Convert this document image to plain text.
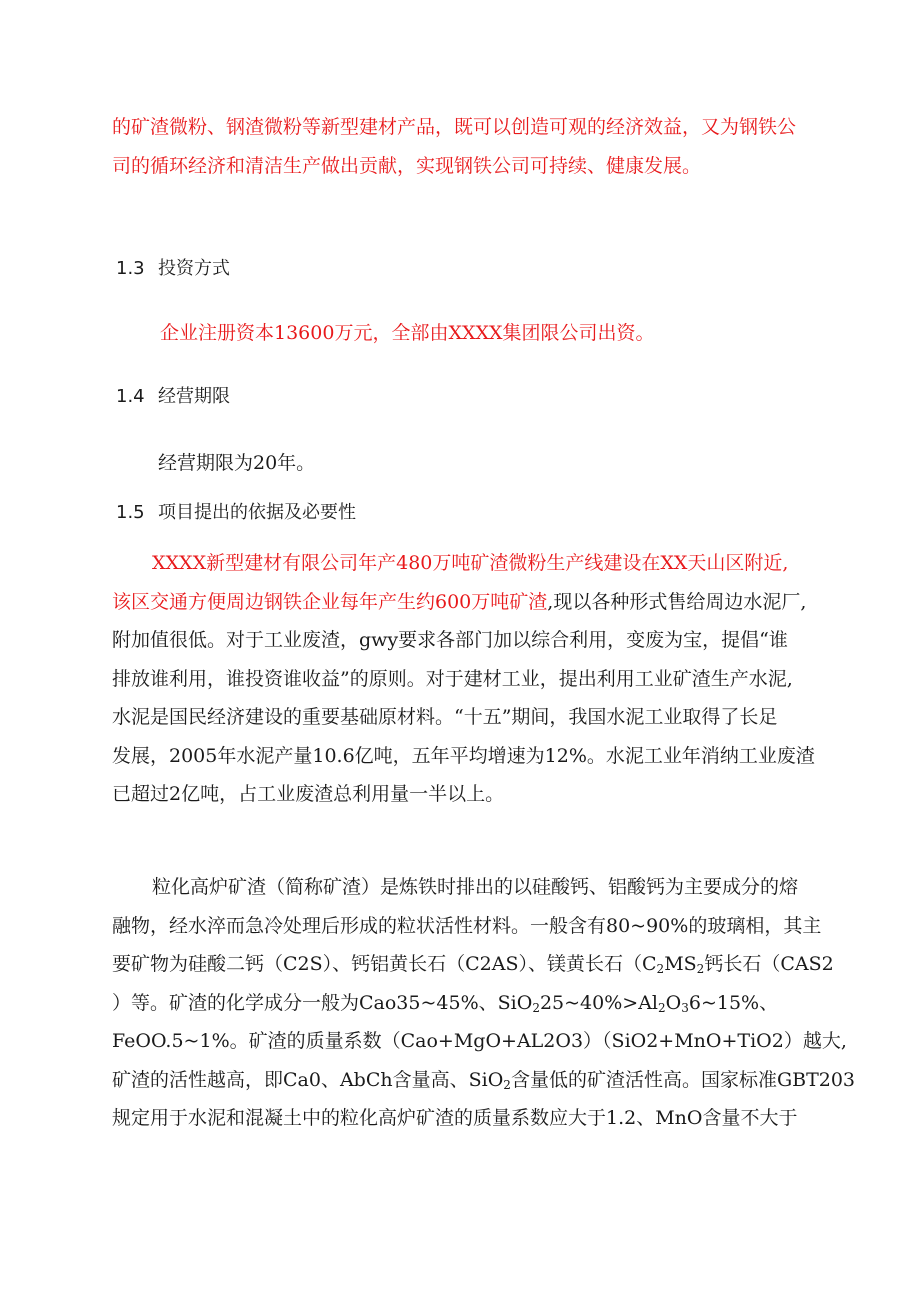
的矿渣微粉、钢渣微粉等新型建材产品，既可以创造可观的经济效益，又为钢铁公
司的循环经济和清洁生产做出贡献，实现钢铁公司可持续、健康发展。
1.3 投资方式
企业注册资本13600万元，全部由XXXX集团限公司出资。
1.4 经营期限
经营期限为20年。
1.5 项目提出的依据及必要性
XXXX新型建材有限公司年产480万吨矿渣微粉生产线建设在XX天山区附近,
该区交通方便周边钢铁企业每年产生约600万吨矿渣,现以各种形式售给周边水泥厂,
附加值很低。对于工业废渣，gwy要求各部门加以综合利用，变废为宝，提倡“谁
排放谁利用，谁投资谁收益”的原则。对于建材工业，提出利用工业矿渣生产水泥,
水泥是国民经济建设的重要基础原材料。“十五”期间，我国水泥工业取得了长足
发展，2005年水泥产量10.6亿吨，五年平均增速为12%。水泥工业年消纳工业废渣
已超过2亿吨，占工业废渣总利用量一半以上。
粒化高炉矿渣（简称矿渣）是炼铁时排出的以硅酸钙、铝酸钙为主要成分的熔
融物，经水淬而急冷处理后形成的粒状活性材料。一般含有80~90%的玻璃相，其主
要矿物为硅酸二钙（C2S）、钙铝黄长石（C2AS）、镁黄长石（$C_2MS_2$钙长石（CAS2
）等。矿渣的化学成分一般为Cao35~45%、$SiO_225\sim 40\%>Al_2O_36\sim 15\%$、
FeOO.5~1%。矿渣的质量系数（Cao+MgO+AL2O3）（SiO2+MnO+TiO2）越大,
矿渣的活性越高，即Ca0、AbCh含量高、SiO$_2$含量低的矿渣活性高。国家标准GBT203
规定用于水泥和混凝土中的粒化高炉矿渣的质量系数应大于1.2、MnO含量不大于
